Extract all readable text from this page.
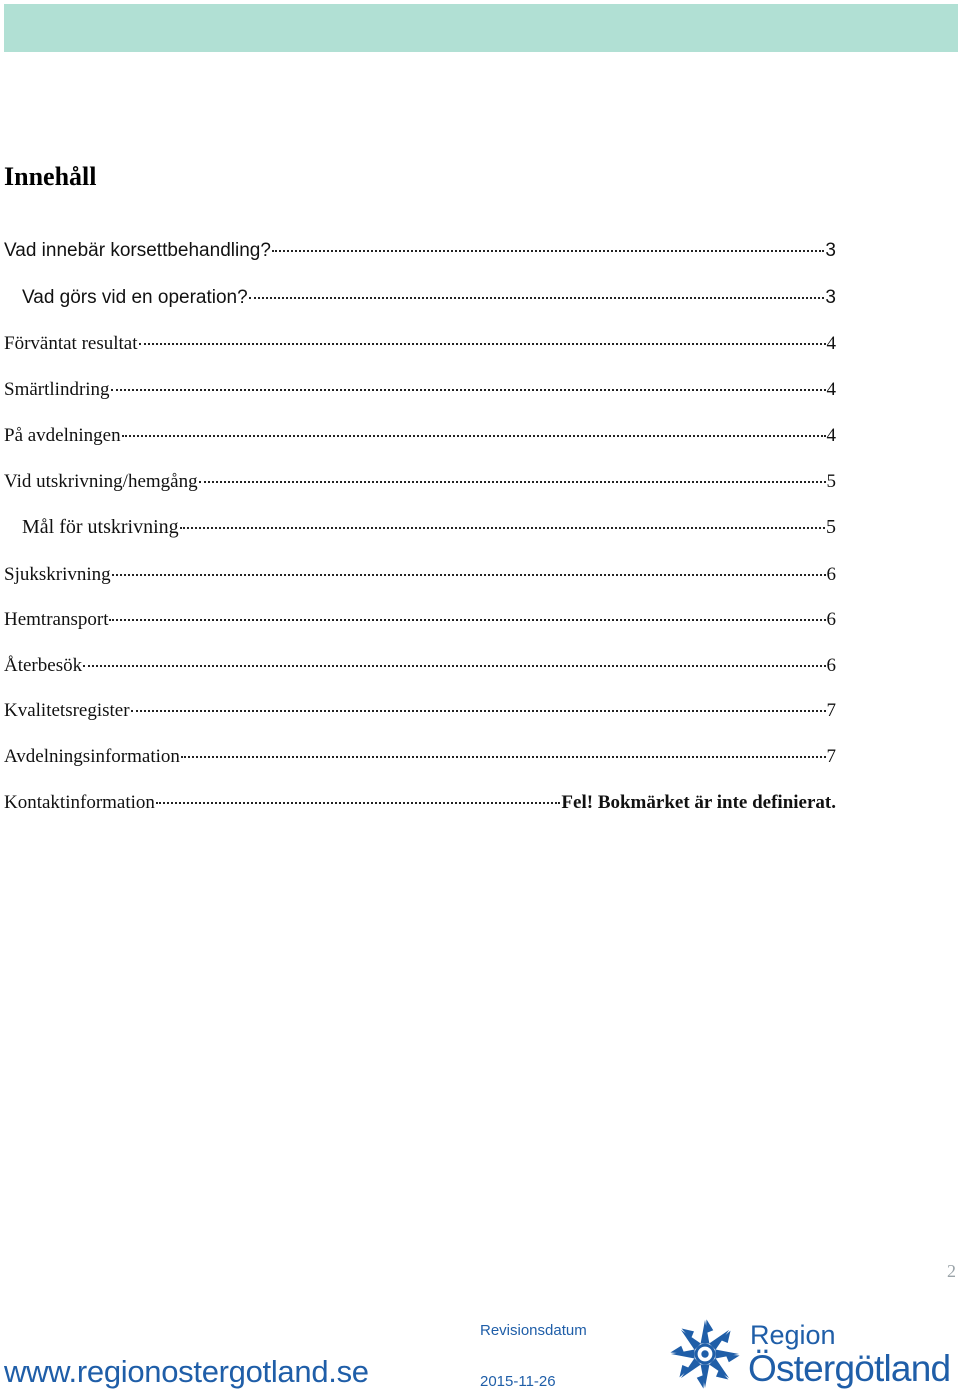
Innehåll
Vad innebär korsettbehandling?	3
Vad görs vid en operation?	3
Förväntat resultat	4
Smärtlindring	4
På avdelningen	4
Vid utskrivning/hemgång	5
Mål för utskrivning	5
Sjukskrivning	6
Hemtransport	6
Återbesök	6
Kvalitetsregister	7
Avdelningsinformation	7
Kontaktinformation	Fel! Bokmärket är inte definierat.
2
www.regionostergotland.se
Revisionsdatum
2015-11-26
Region
Östergötland
